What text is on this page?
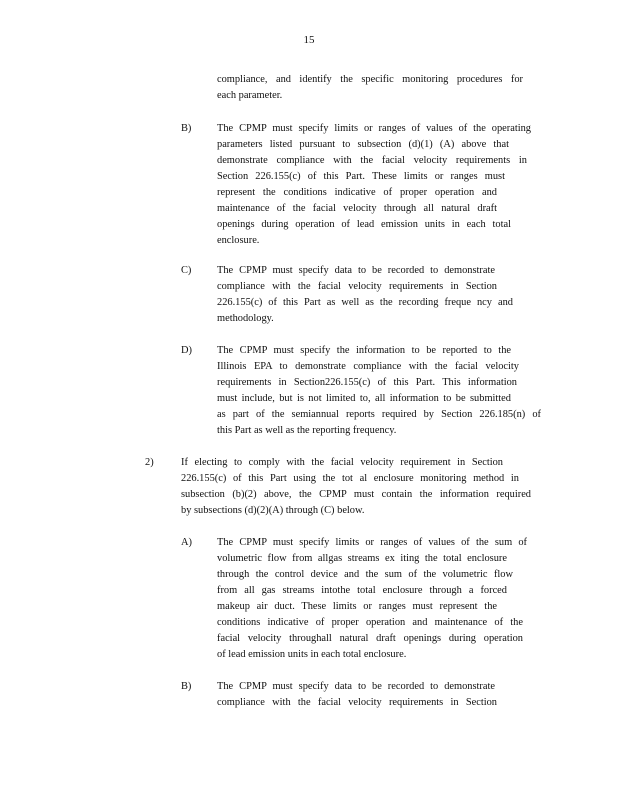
15
compliance, and identify the specific monitoring procedures for
each parameter.
B) The CPMP must specify limits or ranges of values of the operating
parameters listed pursuant to subsection (d)(1) (A) above that
demonstrate compliance with the facial velocity requirements in
Section 226.155(c) of this Part. These limits or ranges must
represent the conditions indicative of proper operation and
maintenance of the facial velocity through all natural draft
openings during operation of lead emission units in each total
enclosure.
C) The CPMP must specify data to be recorded to demonstrate
compliance with the facial velocity requirements in Section
226.155(c) of this Part as well as the recording freque ncy and
methodology.
D) The CPMP must specify the information to be reported to the
Illinois EPA to demonstrate compliance with the facial velocity
requirements in Section226.155(c) of this Part. This information
must include, but is not limited to, all information to be submitted
as part of the semiannual reports required by Section 226.185(n) of
this Part as well as the reporting frequency.
2)	If electing to comply with the facial velocity requirement in Section
226.155(c) of this Part using the tot al enclosure monitoring method in
subsection (b)(2) above, the CPMP must contain the information required
by subsections (d)(2)(A) through (C) below.
A) The CPMP must specify limits or ranges of values of the sum of
volumetric flow from allgas streams ex iting the total enclosure
through the control device and the sum of the volumetric flow
from all gas streams intothe total enclosure through a forced
makeup air duct. These limits or ranges must represent the
conditions indicative of proper operation and maintenance of the
facial velocity throughall natural draft openings during operation
of lead emission units in each total enclosure.
B) The CPMP must specify data to be recorded to demonstrate
compliance with the facial velocity requirements in Section
